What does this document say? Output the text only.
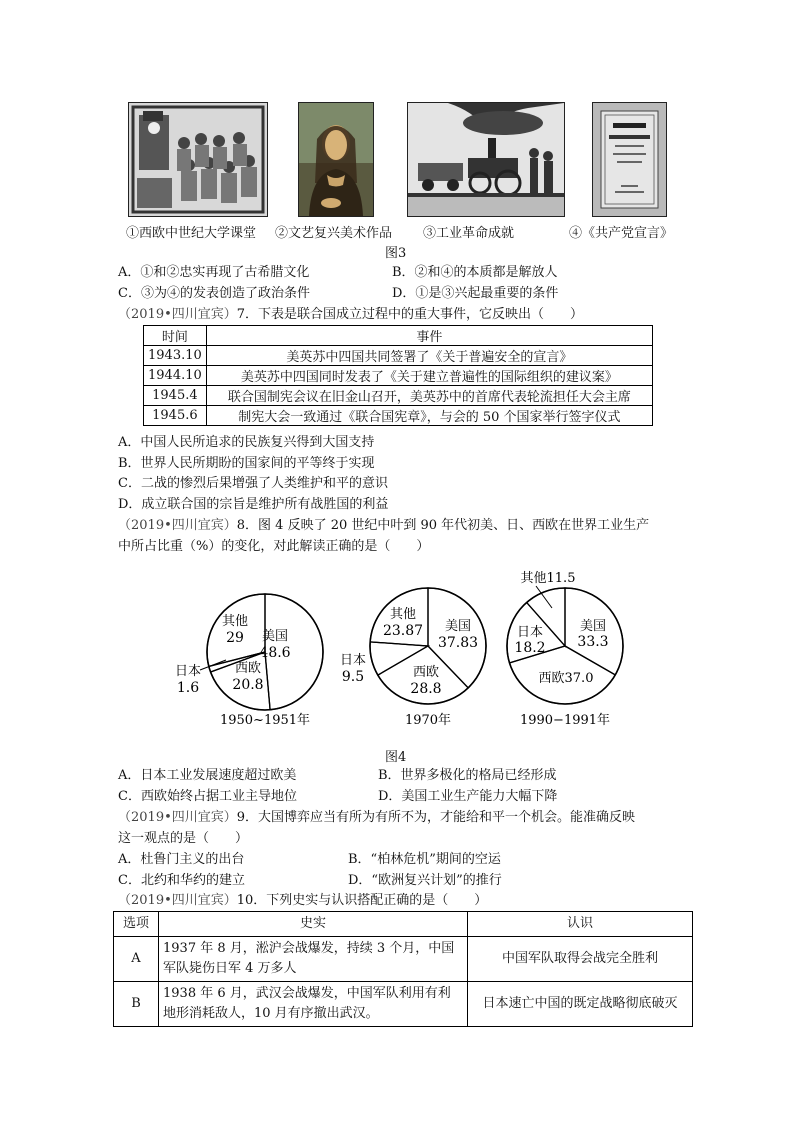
①西欧中世纪大学课堂 ②文艺复兴美术作品 ③工业革命成就	④《共产党宣言》
图3
A．①和②忠实再现了古希腊文化	B．②和④的本质都是解放人
C．③为④的发表创造了政治条件	D．①是③兴起最重要的条件
（2019•四川宜宾）7．下表是联合国成立过程中的重大事件，它反映出（　　）
时间	事件
1943.10	美英苏中四国共同签署了《关于普遍安全的宣言》
1944.10	美英苏中四国同时发表了《关于建立普遍性的国际组织的建议案》
1945.4	联合国制宪会议在旧金山召开，美英苏中的首席代表轮流担任大会主席
1945.6	制宪大会一致通过《联合国宪章》，与会的 50 个国家举行签字仪式
A．中国人民所追求的民族复兴得到大国支持
B．世界人民所期盼的国家间的平等终于实现
C．二战的惨烈后果增强了人类维护和平的意识
D．成立联合国的宗旨是维护所有战胜国的利益
（2019•四川宜宾）8．图 4 反映了 20 世纪中叶到 90 年代初美、日、西欧在世界工业生产
中所占比重（%）的变化，对此解读正确的是（　　）
美国
48.6
其他
29
西欧
20.8
日本
1.6
美国
37.83
其他
23.87
西欧
28.8
日本
9.5
其他11.5
美国
33.3
日本
18.2
西欧37.0
1950~1951年	1970年	1990−1991年
图4
A．日本工业发展速度超过欧美	B．世界多极化的格局已经形成
C．西欧始终占据工业主导地位	D．美国工业生产能力大幅下降
（2019•四川宜宾）9．大国博弈应当有所为有所不为，才能给和平一个机会。能准确反映
这一观点的是（　　）
A．杜鲁门主义的出台	B．“柏林危机”期间的空运
C．北约和华约的建立	D．“欧洲复兴计划”的推行
（2019•四川宜宾）10．下列史实与认识搭配正确的是（　　）
选项	史实	认识
A	1937 年 8 月，淞沪会战爆发，持续 3 个月，中国军队毙伤日军 4 万多人	中国军队取得会战完全胜利
B	1938 年 6 月，武汉会战爆发，中国军队利用有利地形消耗敌人，10 月有序撤出武汉。	日本速亡中国的既定战略彻底破灭
